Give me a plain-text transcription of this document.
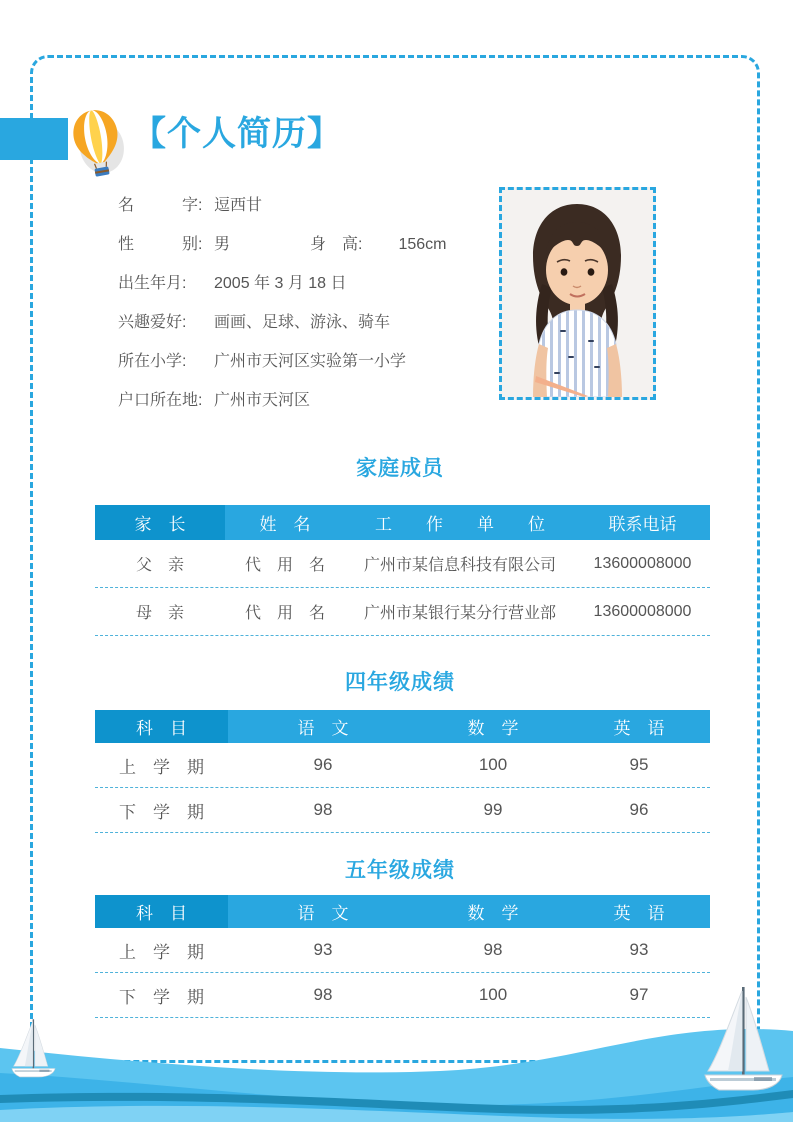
【个人简历】
名　　　字: 逗西甘
性　　　别: 男	身　高: 156cm
出生年月:	2005 年 3 月 18 日
兴趣爱好:	画画、足球、游泳、骑车
所在小学:	广州市天河区实验第一小学
户口所在地: 广州市天河区
家庭成员
家　长	姓　名	工　　作　　单　　位	联系电话
父　亲	代　用　名	广州市某信息科技有限公司	13600008000
母　亲	代　用　名	广州市某银行某分行营业部	13600008000
四年级成绩
科　目	语　文	数　学	英　语
上　学　期	96	100	95
下　学　期	98	99	96
五年级成绩
科　目	语　文	数　学	英　语
上　学　期	93	98	93
下　学　期	98	100	97
